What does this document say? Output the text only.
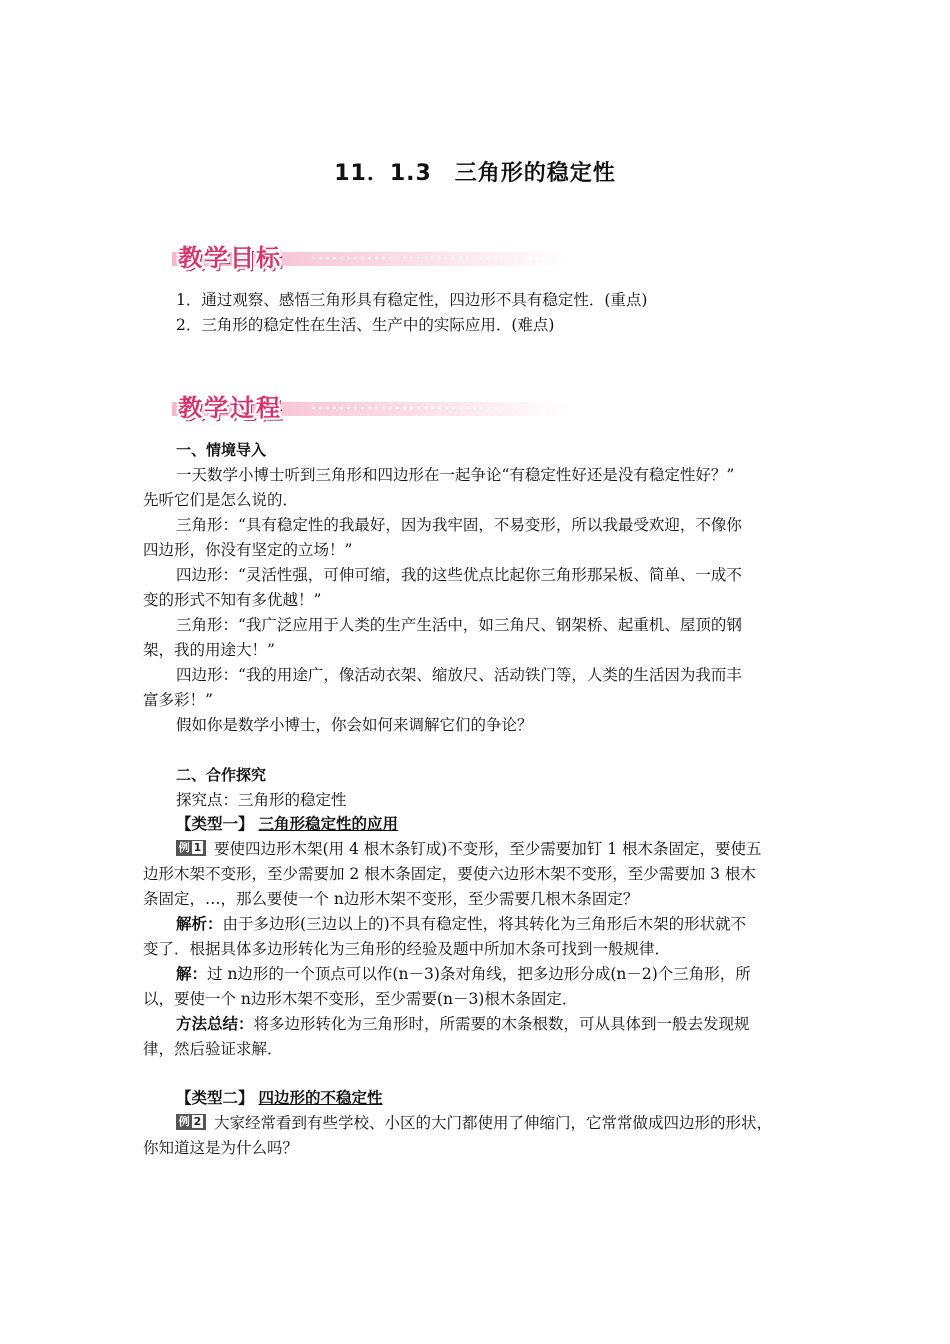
11．1.3　三角形的稳定性
教学目标
1．通过观察、感悟三角形具有稳定性，四边形不具有稳定性．(重点)
2．三角形的稳定性在生活、生产中的实际应用．(难点)
教学过程
一、情境导入
一天数学小博士听到三角形和四边形在一起争论“有稳定性好还是没有稳定性好？”
先听它们是怎么说的．
三角形：“具有稳定性的我最好，因为我牢固，不易变形，所以我最受欢迎，不像你
四边形，你没有坚定的立场！”
四边形：“灵活性强，可伸可缩，我的这些优点比起你三角形那呆板、简单、一成不
变的形式不知有多优越！”
三角形：“我广泛应用于人类的生产生活中，如三角尺、钢架桥、起重机、屋顶的钢
架，我的用途大！”
四边形：“我的用途广，像活动衣架、缩放尺、活动铁门等，人类的生活因为我而丰
富多彩！”
假如你是数学小博士，你会如何来调解它们的争论？
二、合作探究
探究点：三角形的稳定性
【类型一】 三角形稳定性的应用
例 1 要使四边形木架(用 4 根木条钉成)不变形，至少需要加钉 1 根木条固定，要使五
边形木架不变形，至少需要加 2 根木条固定，要使六边形木架不变形，至少需要加 3 根木
条固定，…，那么要使一个 n边形木架不变形，至少需要几根木条固定？
解析：由于多边形(三边以上的)不具有稳定性，将其转化为三角形后木架的形状就不
变了．根据具体多边形转化为三角形的经验及题中所加木条可找到一般规律．
解：过 n边形的一个顶点可以作(n－3)条对角线，把多边形分成(n－2)个三角形，所
以，要使一个 n边形木架不变形，至少需要(n－3)根木条固定．
方法总结：将多边形转化为三角形时，所需要的木条根数，可从具体到一般去发现规
律，然后验证求解．
【类型二】 四边形的不稳定性
例 2 大家经常看到有些学校、小区的大门都使用了伸缩门，它常常做成四边形的形状，
你知道这是为什么吗？
